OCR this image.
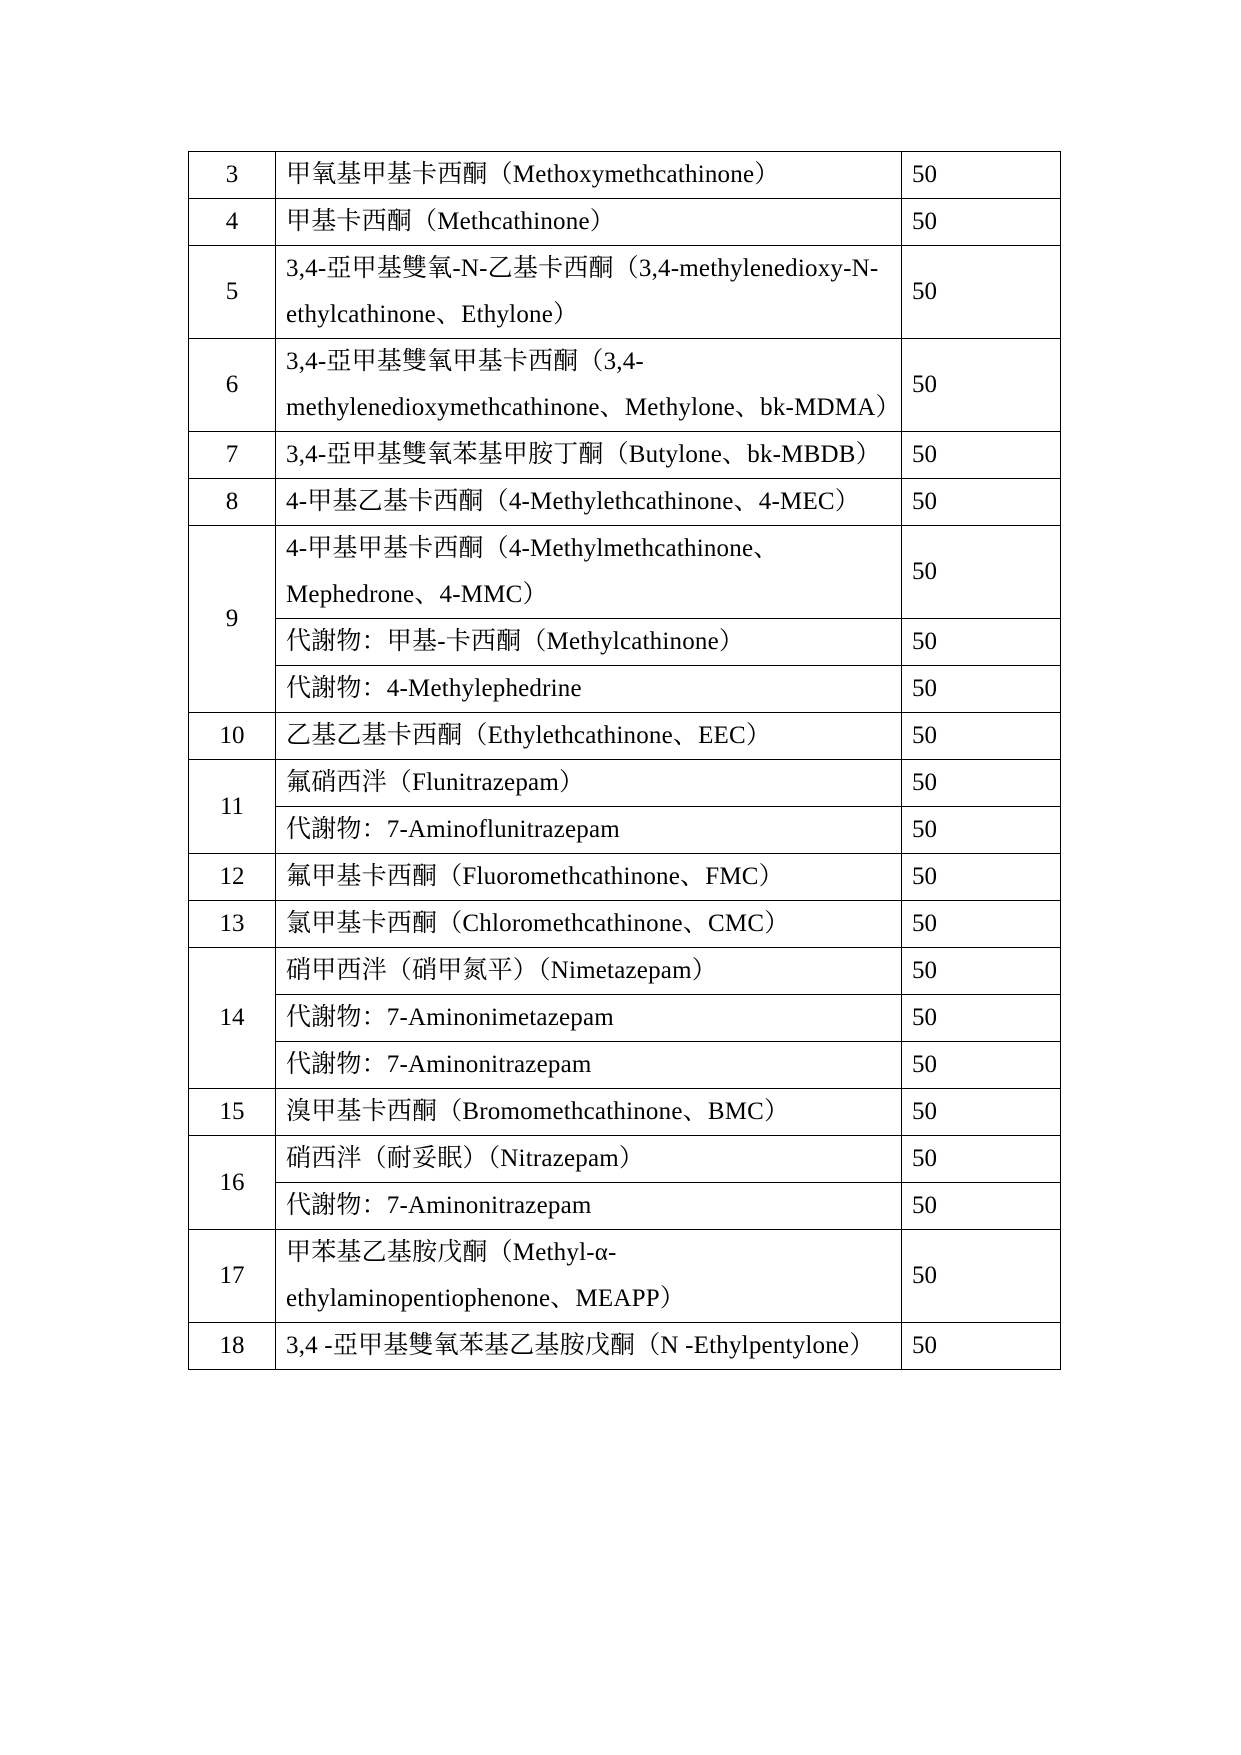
3	甲氧基甲基卡西酮（Methoxymethcathinone）	50
4	甲基卡西酮（Methcathinone）	50
5	3,4-亞甲基雙氧-N-乙基卡西酮（3,4-methylenedioxy-N-ethylcathinone、Ethylone）	50
6	3,4-亞甲基雙氧甲基卡西酮（3,4-methylenedioxymethcathinone、Methylone、bk-MDMA）	50
7	3,4-亞甲基雙氧苯基甲胺丁酮（Butylone、bk-MBDB）	50
8	4-甲基乙基卡西酮（4-Methylethcathinone、4-MEC）	50
9	4-甲基甲基卡西酮（4-Methylmethcathinone、Mephedrone、4-MMC）	50
	代謝物：甲基-卡西酮（Methylcathinone）	50
	代謝物：4-Methylephedrine	50
10	乙基乙基卡西酮（Ethylethcathinone、EEC）	50
11	氟硝西泮（Flunitrazepam）	50
	代謝物：7-Aminoflunitrazepam	50
12	氟甲基卡西酮（Fluoromethcathinone、FMC）	50
13	氯甲基卡西酮（Chloromethcathinone、CMC）	50
14	硝甲西泮（硝甲氮平）（Nimetazepam）	50
	代謝物：7-Aminonimetazepam	50
	代謝物：7-Aminonitrazepam	50
15	溴甲基卡西酮（Bromomethcathinone、BMC）	50
16	硝西泮（耐妥眠）（Nitrazepam）	50
	代謝物：7-Aminonitrazepam	50
17	甲苯基乙基胺戊酮（Methyl-α-ethylaminopentiophenone、MEAPP）	50
18	3,4 -亞甲基雙氧苯基乙基胺戊酮（N -Ethylpentylone）	50
